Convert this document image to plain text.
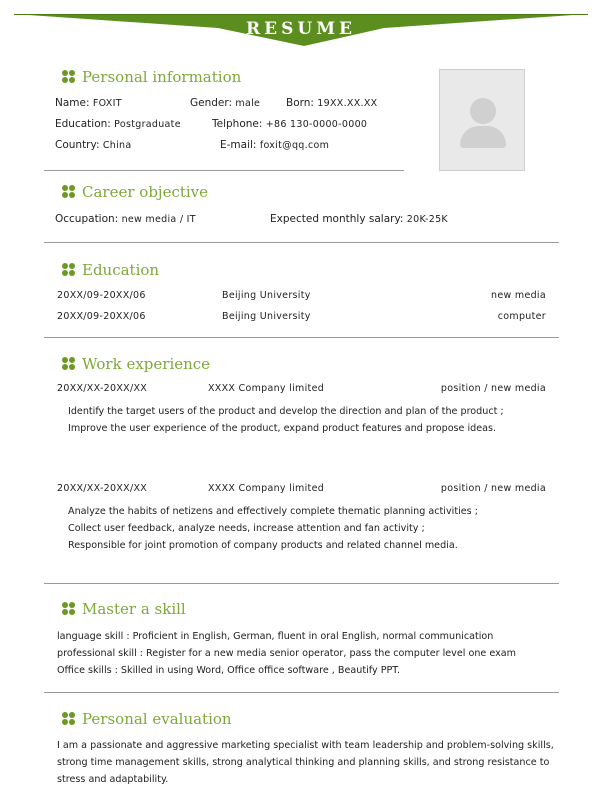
RESUME
Personal information
Name: FOXIT	Gender: male Born: 19XX.XX.XX
Education: Postgraduate	Telphone: +86 130-0000-0000
Country: China	E-mail: foxit@qq.com
Career objective
Occupation: new media / IT	Expected monthly salary: 20K-25K
Education
20XX/09-20XX/06	Beijing University	new media
20XX/09-20XX/06	Beijing University	computer
Work experience
20XX/XX-20XX/XX	XXXX Company limited	position / new media
Identify the target users of the product and develop the direction and plan of the product ;
Improve the user experience of the product, expand product features and propose ideas.
20XX/XX-20XX/XX	XXXX Company limited	position / new media
Analyze the habits of netizens and effectively complete thematic planning activities ;
Collect user feedback, analyze needs, increase attention and fan activity ;
Responsible for joint promotion of company products and related channel media.
Master a skill
language skill : Proficient in English, German, fluent in oral English, normal communication
professional skill : Register for a new media senior operator, pass the computer level one exam
Office skills : Skilled in using Word, Office office software , Beautify PPT.
Personal evaluation
I am a passionate and aggressive marketing specialist with team leadership and problem-solving skills,
strong time management skills, strong analytical thinking and planning skills, and strong resistance to
stress and adaptability.
